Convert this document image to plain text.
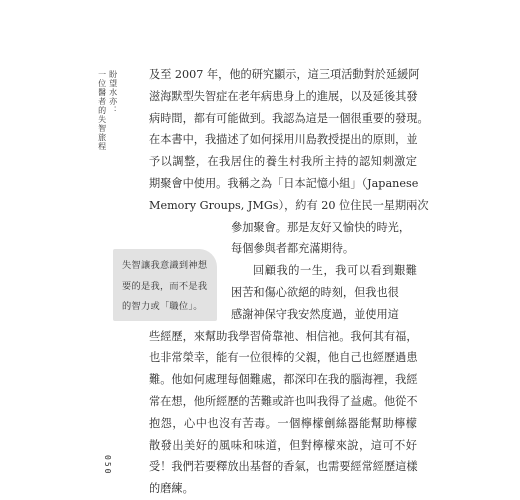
盼望水亦：
一位醫者的失智旅程	及至 2007 年，他的研究顯示，這三項活動對於延緩阿
滋海默型失智症在老年病患身上的進展，以及延後其發
病時間，都有可能做到。我認為這是一個很重要的發現。
在本書中，我描述了如何採用川島教授提出的原則，並
予以調整，在我居住的養生村我所主持的認知刺激定
期聚會中使用。我稱之為「日本記憶小組」（Japanese
Memory Groups, JMGs），約有 20 位住民一星期兩次
參加聚會。那是友好又愉快的時光，
每個參與者都充滿期待。
回顧我的一生，我可以看到艱難
困苦和傷心欲絕的時刻，但我也很
感謝神保守我安然度過，並使用這
些經歷，來幫助我學習倚靠祂、相信祂。我何其有福，
也非常榮幸，能有一位很棒的父親，他自己也經歷過患
難。他如何處理每個難處，都深印在我的腦海裡，我經
常在想，他所經歷的苦難或許也叫我得了益處。他從不
抱怨，心中也沒有苦毒。一個檸檬劊絲器能幫助檸檬
散發出美好的風味和味道，但對檸檬來說，這可不好
受！我們若要釋放出基督的香氣，也需要經常經歷這樣
的磨練。
失智讓我意識到神想
要的是我，而不是我
的智力或「職位」。
050
